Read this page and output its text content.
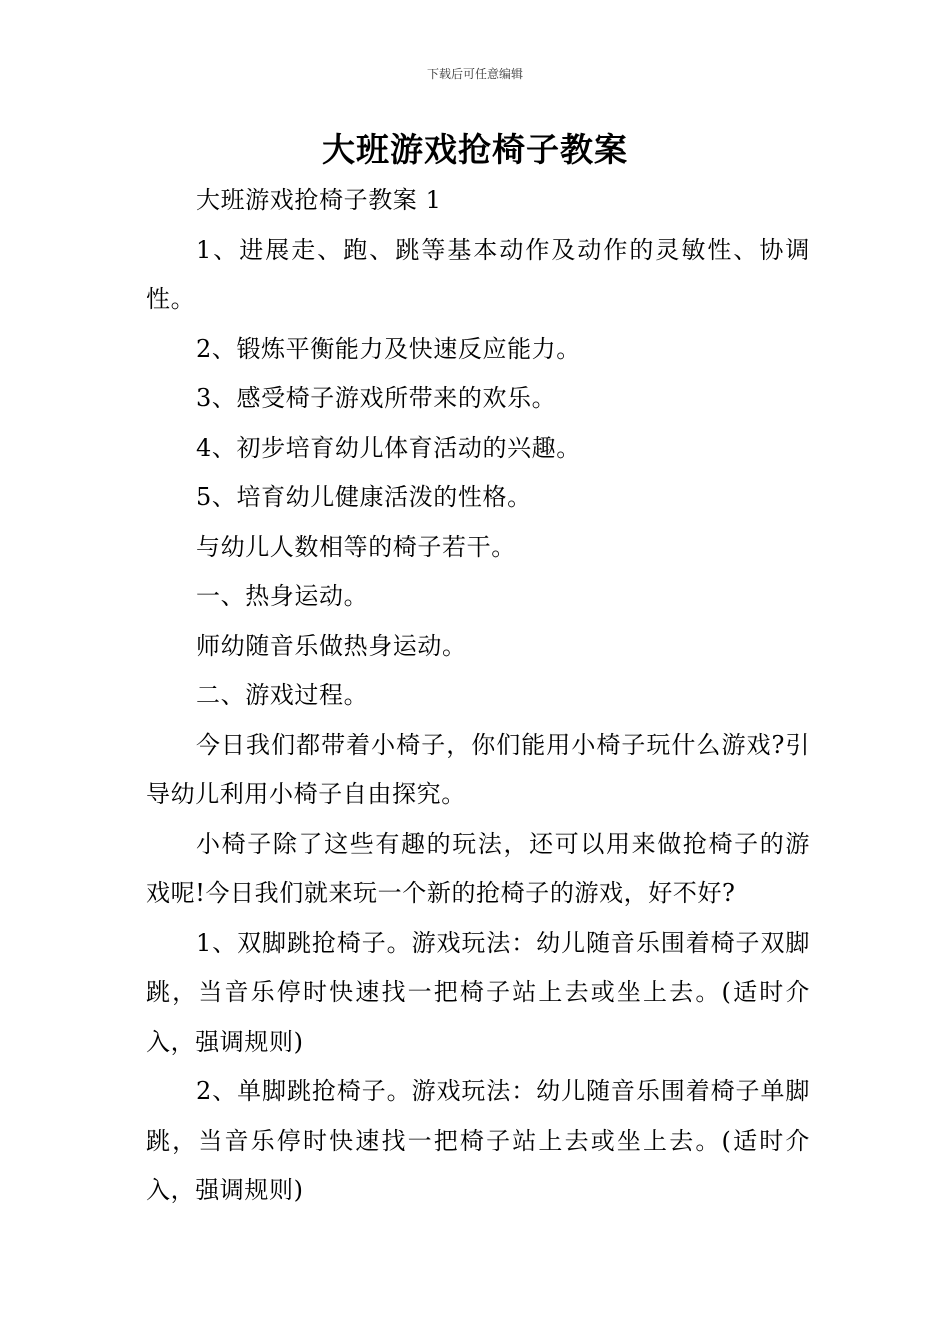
下载后可任意编辑
大班游戏抢椅子教案

大班游戏抢椅子教案 1

1、进展走、跑、跳等基本动作及动作的灵敏性、协调性。

2、锻炼平衡能力及快速反应能力。

3、感受椅子游戏所带来的欢乐。

4、初步培育幼儿体育活动的兴趣。

5、培育幼儿健康活泼的性格。

与幼儿人数相等的椅子若干。

一、热身运动。

师幼随音乐做热身运动。

二、游戏过程。

今日我们都带着小椅子，你们能用小椅子玩什么游戏?引导幼儿利用小椅子自由探究。

小椅子除了这些有趣的玩法，还可以用来做抢椅子的游戏呢!今日我们就来玩一个新的抢椅子的游戏，好不好?

1、双脚跳抢椅子。游戏玩法：幼儿随音乐围着椅子双脚跳，当音乐停时快速找一把椅子站上去或坐上去。(适时介入，强调规则)

2、单脚跳抢椅子。游戏玩法：幼儿随音乐围着椅子单脚跳，当音乐停时快速找一把椅子站上去或坐上去。(适时介入，强调规则)
